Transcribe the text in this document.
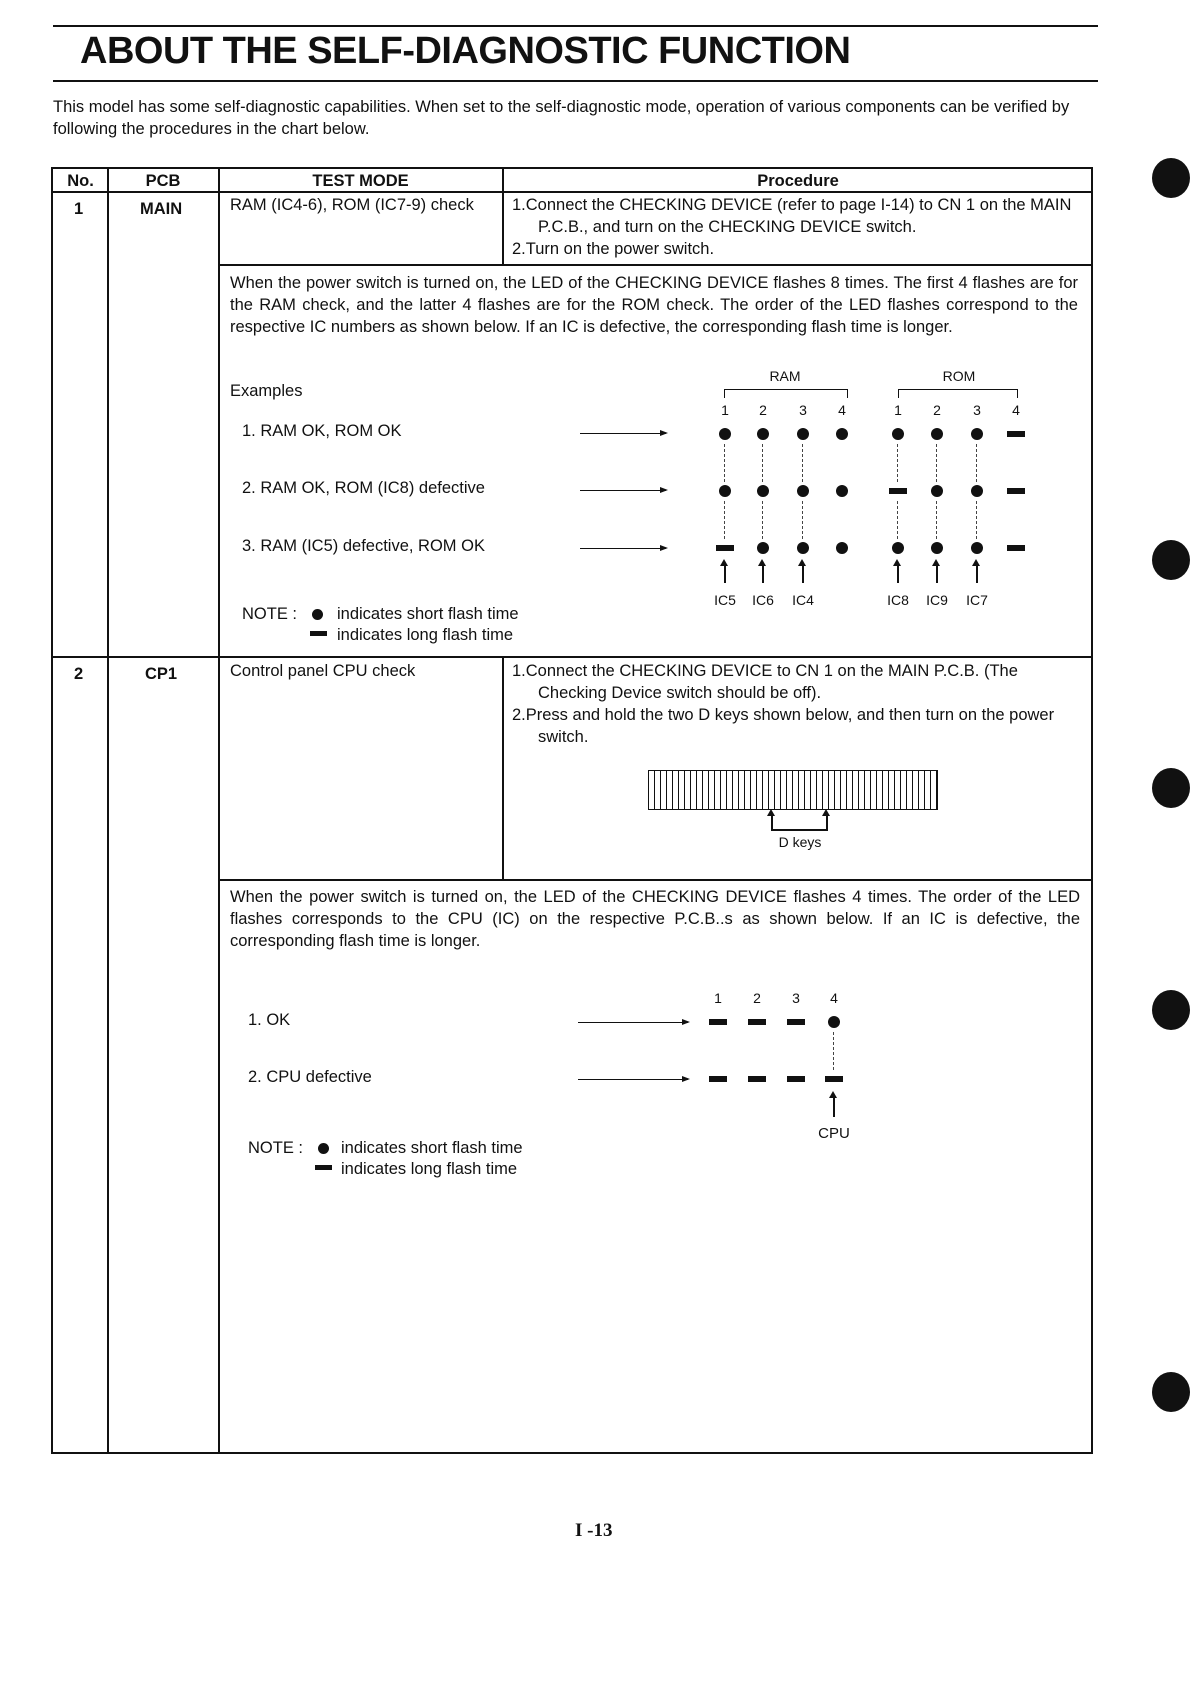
ABOUT THE SELF-DIAGNOSTIC FUNCTION
This model has some self-diagnostic capabilities. When set to the self-diagnostic mode, operation of various components can be verified by following the procedures in the chart below.
No.	PCB	TEST MODE	Procedure
1	MAIN	RAM (IC4-6), ROM (IC7-9) check	1.Connect the CHECKING DEVICE (refer to page I-14) to CN 1 on the MAIN P.C.B., and turn on the CHECKING DEVICE switch.
2.Turn on the power switch.
When the power switch is turned on, the LED of the CHECKING DEVICE flashes 8 times. The first 4 flashes are for the RAM check, and the latter 4 flashes are for the ROM check. The order of the LED flashes correspond to the respective IC numbers as shown below. If an IC is defective, the corresponding flash time is longer.
Examples
1. RAM OK, ROM OK
2. RAM OK, ROM (IC8) defective
3. RAM (IC5) defective, ROM OK
RAM	ROM
1	2	3	4	1	2	3	4
IC5	IC6	IC4	IC8	IC9	IC7
NOTE : indicates short flash time
indicates long flash time
2	CP1	Control panel CPU check	1.Connect the CHECKING DEVICE to CN 1 on the MAIN P.C.B. (The Checking Device switch should be off).
2.Press and hold the two D keys shown below, and then turn on the power switch.
D keys
When the power switch is turned on, the LED of the CHECKING DEVICE flashes 4 times. The order of the LED flashes corresponds to the CPU (IC) on the respective P.C.B..s as shown below. If an IC is defective, the corresponding flash time is longer.
1	2	3	4
1. OK
2. CPU defective
CPU
NOTE : indicates short flash time
indicates long flash time
I -13
